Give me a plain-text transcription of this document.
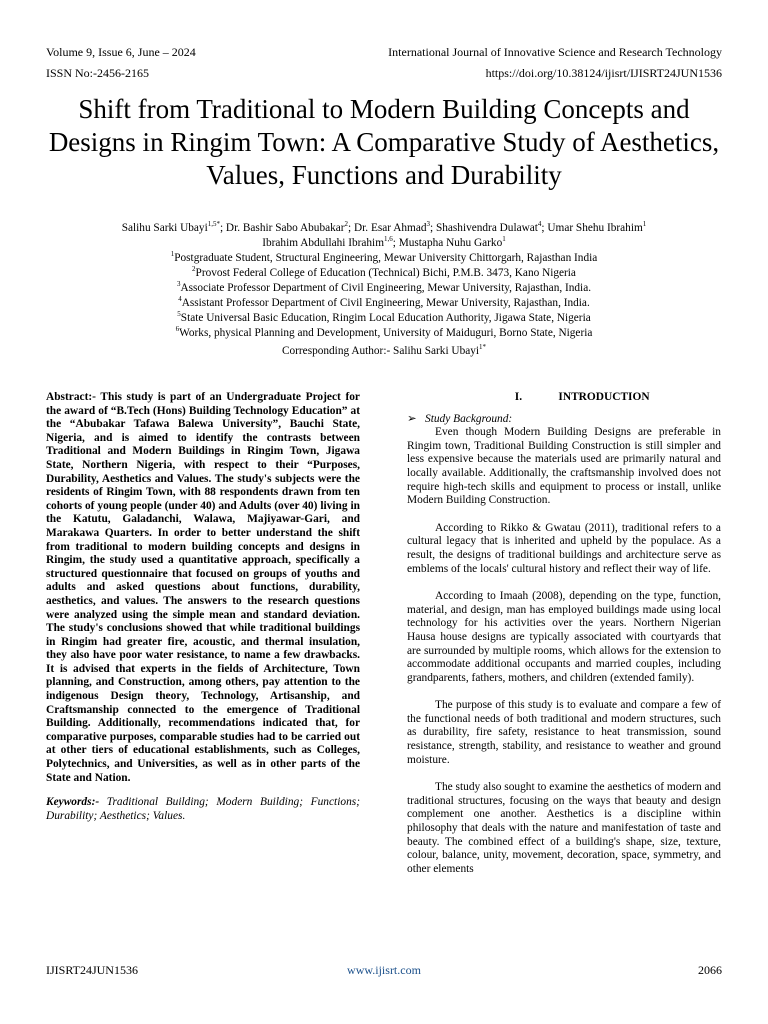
Volume 9, Issue 6, June – 2024	International Journal of Innovative Science and Research Technology
ISSN No:-2456-2165	https://doi.org/10.38124/ijisrt/IJISRT24JUN1536
Shift from Traditional to Modern Building Concepts and Designs in Ringim Town: A Comparative Study of Aesthetics, Values, Functions and Durability
Salihu Sarki Ubayi$^{1,5*}$; Dr. Bashir Sabo Abubakar$^2$; Dr. Esar Ahmad$^3$; Shashivendra Dulawat$^4$; Umar Shehu Ibrahim$^1$
Ibrahim Abdullahi Ibrahim$^{1,6}$; Mustapha Nuhu Garko$^1$
$^1$Postgraduate Student, Structural Engineering, Mewar University Chittorgarh, Rajasthan India
$^2$Provost Federal College of Education (Technical) Bichi, P.M.B. 3473, Kano Nigeria
$^3$Associate Professor Department of Civil Engineering, Mewar University, Rajasthan, India.
$^4$Assistant Professor Department of Civil Engineering, Mewar University, Rajasthan, India.
$^5$State Universal Basic Education, Ringim Local Education Authority, Jigawa State, Nigeria
$^6$Works, physical Planning and Development, University of Maiduguri, Borno State, Nigeria
Corresponding Author:- Salihu Sarki Ubayi$^{1*}$
Abstract:- This study is part of an Undergraduate Project for the award of “B.Tech (Hons) Building Technology Education” at the “Abubakar Tafawa Balewa University”, Bauchi State, Nigeria, and is aimed to identify the contrasts between Traditional and Modern Buildings in Ringim Town, Jigawa State, Northern Nigeria, with respect to their “Purposes, Durability, Aesthetics and Values. The study's subjects were the residents of Ringim Town, with 88 respondents drawn from ten cohorts of young people (under 40) and Adults (over 40) living in the Katutu, Galadanchi, Walawa, Majiyawar-Gari, and Marakawa Quarters. In order to better understand the shift from traditional to modern building concepts and designs in Ringim, the study used a quantitative approach, specifically a structured questionnaire that focused on groups of youths and adults and asked questions about functions, durability, aesthetics, and values. The answers to the research questions were analyzed using the simple mean and standard deviation. The study's conclusions showed that while traditional buildings in Ringim had greater fire, acoustic, and thermal insulation, they also have poor water resistance, to name a few drawbacks. It is advised that experts in the fields of Architecture, Town planning, and Construction, among others, pay attention to the indigenous Design theory, Technology, Artisanship, and Craftsmanship connected to the emergence of Traditional Building. Additionally, recommendations indicated that, for comparative purposes, comparable studies had to be carried out at other tiers of educational establishments, such as Colleges, Polytechnics, and Universities, as well as in other parts of the State and Nation.
Keywords:- Traditional Building; Modern Building; Functions; Durability; Aesthetics; Values.
I.	INTRODUCTION
➢ Study Background:

Even though Modern Building Designs are preferable in Ringim town, Traditional Building Construction is still simpler and less expensive because the materials used are primarily natural and locally available. Additionally, the craftsmanship involved does not require high-tech skills and equipment to process or install, unlike Modern Building Construction.

According to Rikko & Gwatau (2011), traditional refers to a cultural legacy that is inherited and upheld by the populace. As a result, the designs of traditional buildings and architecture serve as emblems of the locals' cultural history and reflect their way of life.

According to Imaah (2008), depending on the type, function, material, and design, man has employed buildings made using local technology for his activities over the years. Northern Nigerian Hausa house designs are typically associated with courtyards that are surrounded by multiple rooms, which allows for the extension to accommodate additional occupants and married couples, including grandparents, fathers, mothers, and children (extended family).

The purpose of this study is to evaluate and compare a few of the functional needs of both traditional and modern structures, such as durability, fire safety, resistance to heat transmission, sound resistance, strength, stability, and resistance to weather and ground moisture.

The study also sought to examine the aesthetics of modern and traditional structures, focusing on the ways that beauty and design complement one another. Aesthetics is a discipline within philosophy that deals with the nature and manifestation of taste and beauty. The combined effect of a building's shape, size, texture, colour, balance, unity, movement, decoration, space, symmetry, and other elements

IJISRT24JUN1536	www.ijisrt.com	2066
